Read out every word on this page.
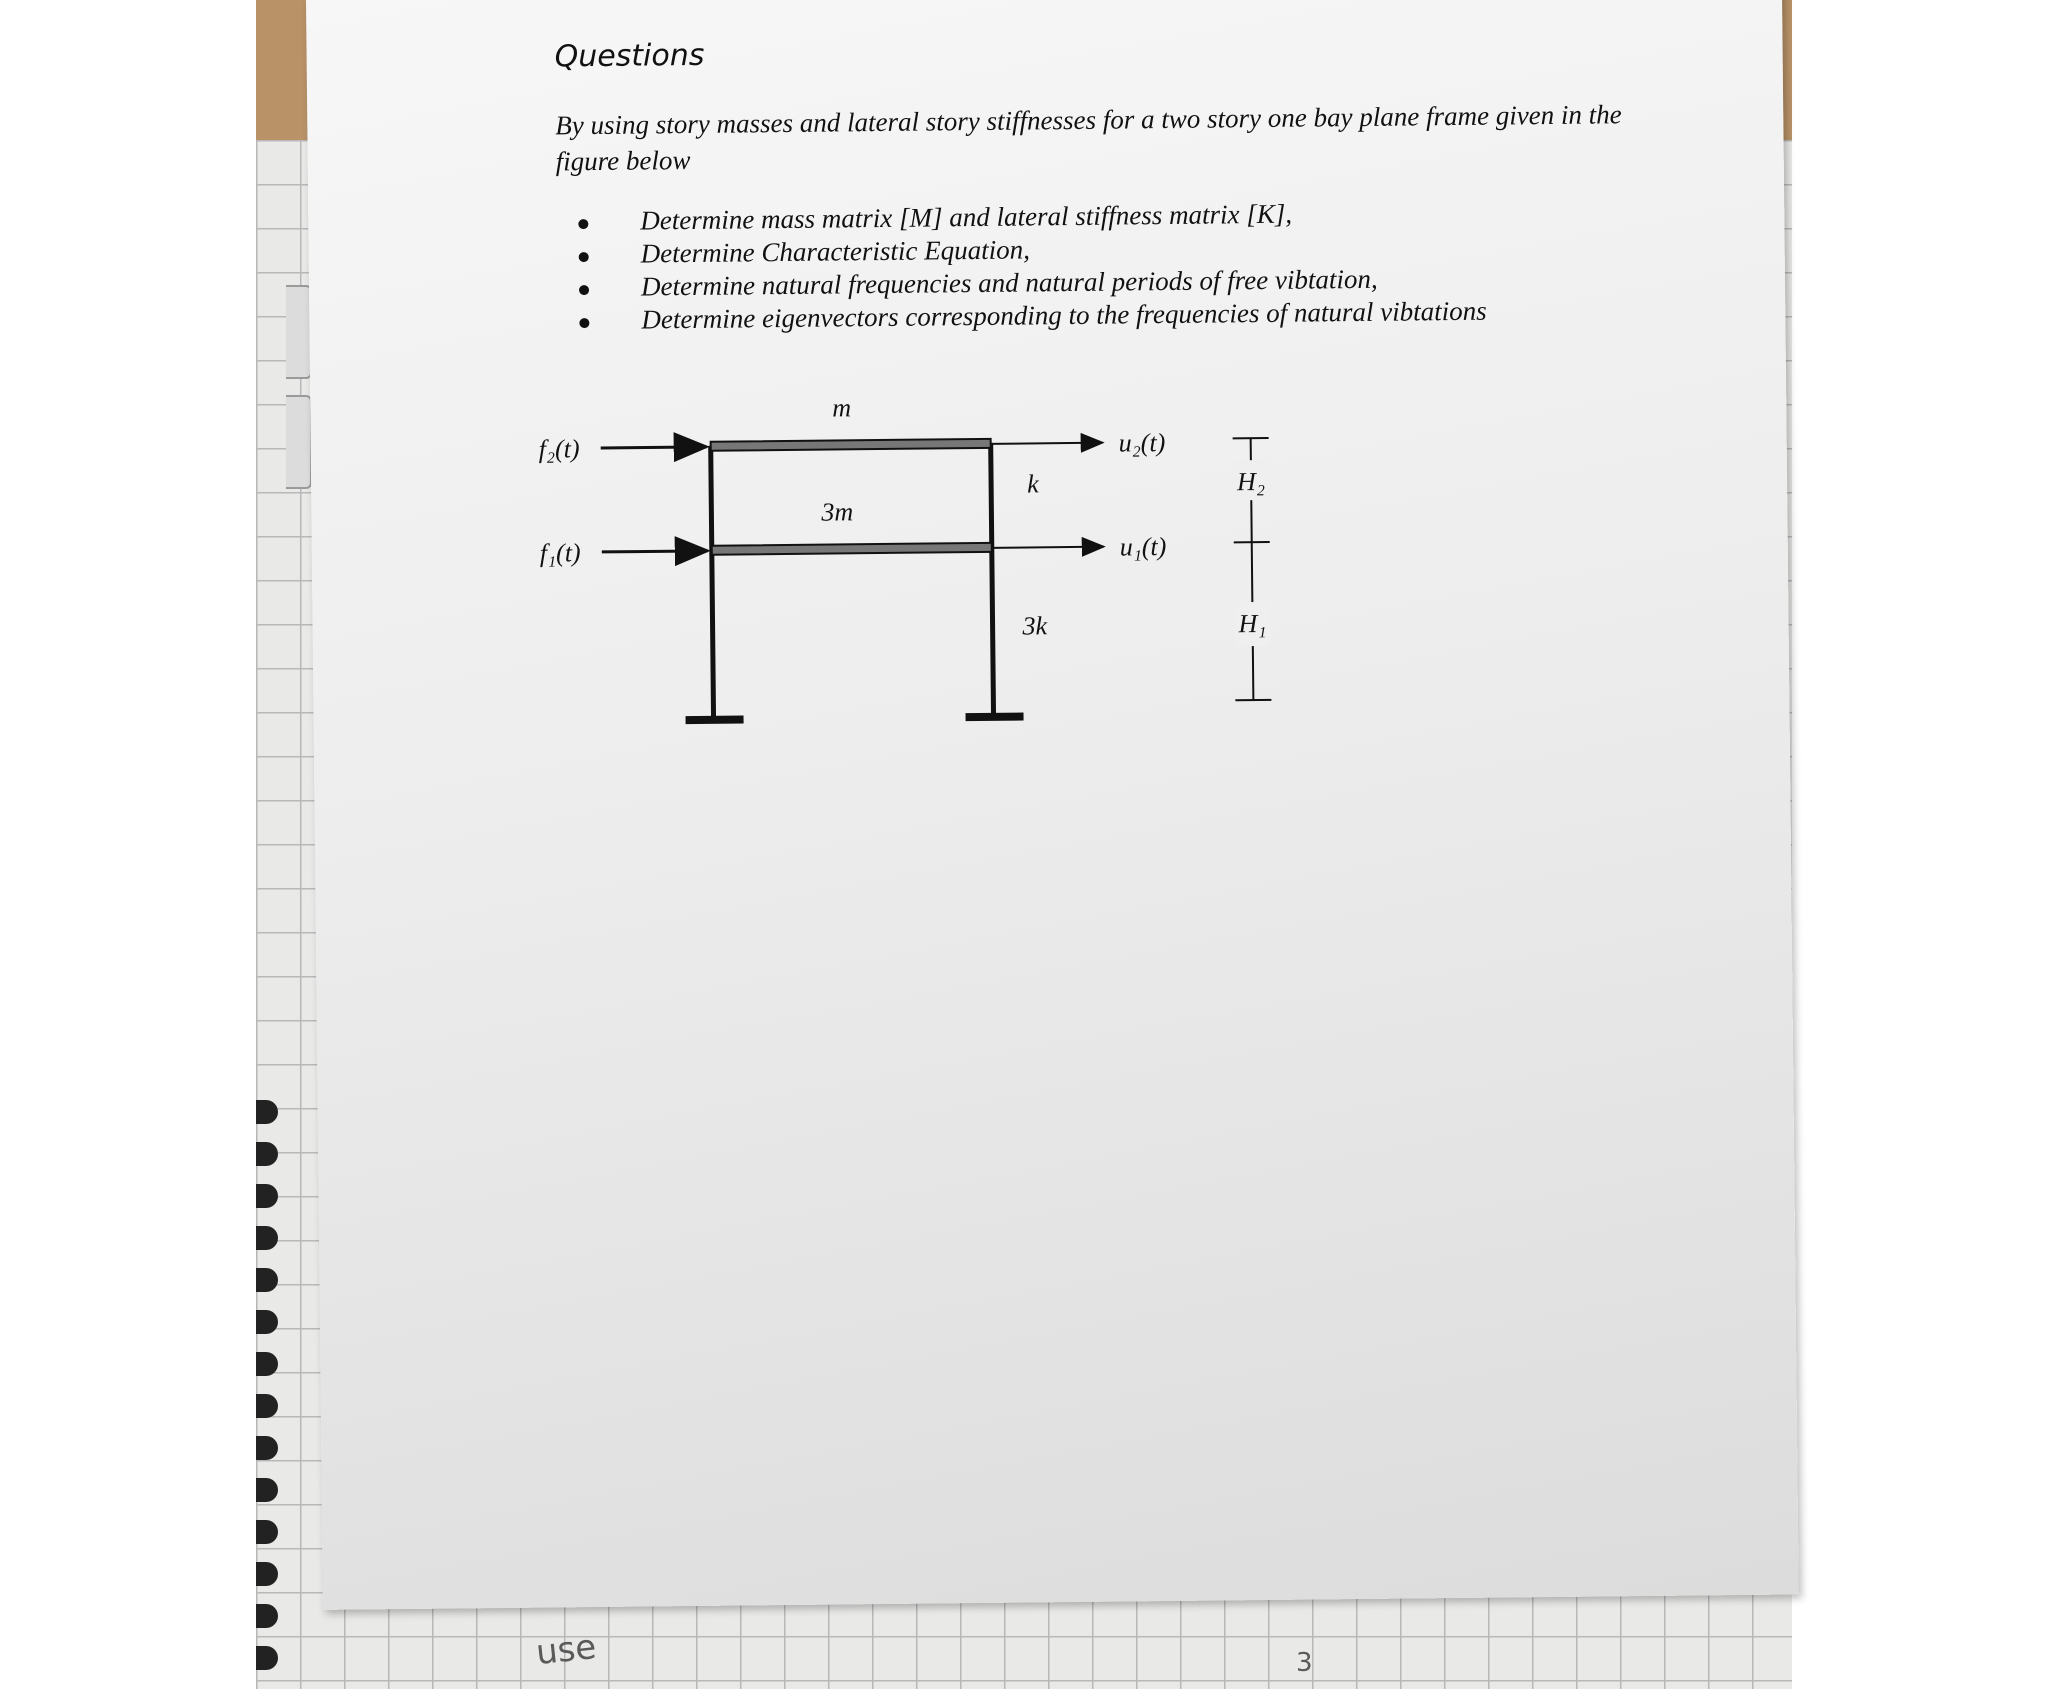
use	3
Questions
By using story masses and lateral story stiffnesses for a two story one bay plane frame given in the figure below
Determine mass matrix [M] and lateral stiffness matrix [K],
Determine Characteristic Equation,
Determine natural frequencies and natural periods of free vibtation,
Determine eigenvectors corresponding to the frequencies of natural vibtations
m
3m
k
3k
f₂(t)
f₁(t)
u₂(t)
u₁(t)
H₂
H₁
